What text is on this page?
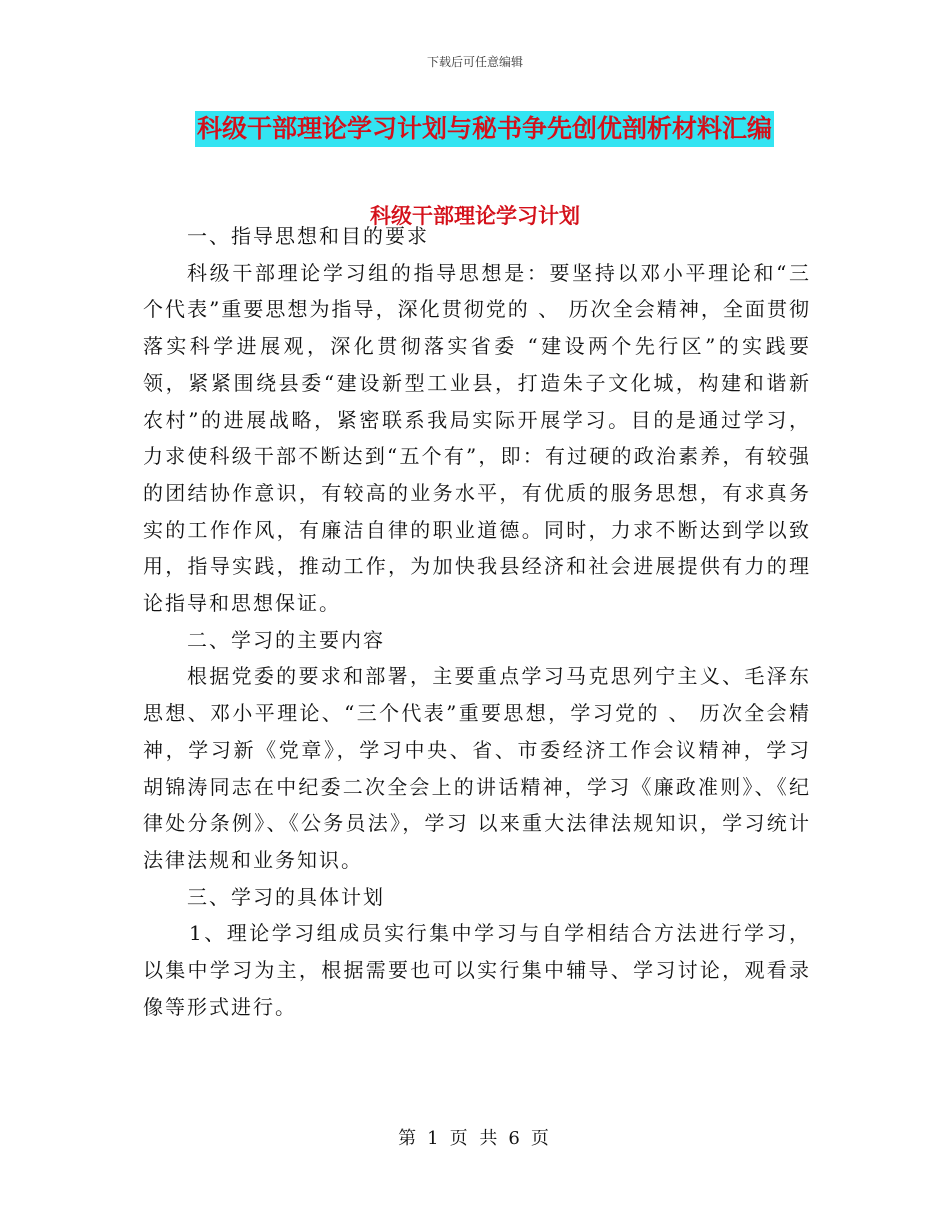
下载后可任意编辑
科级干部理论学习计划与秘书争先创优剖析材料汇编
科级干部理论学习计划

一、指导思想和目的要求

科级干部理论学习组的指导思想是：要坚持以邓小平理论和“三个代表”重要思想为指导，深化贯彻党的 、 历次全会精神，全面贯彻落实科学进展观，深化贯彻落实省委 “建设两个先行区”的实践要领，紧紧围绕县委“建设新型工业县，打造朱子文化城，构建和谐新农村”的进展战略，紧密联系我局实际开展学习。目的是通过学习，力求使科级干部不断达到“五个有”，即：有过硬的政治素养，有较强的团结协作意识，有较高的业务水平，有优质的服务思想，有求真务实的工作作风，有廉洁自律的职业道德。同时，力求不断达到学以致用，指导实践，推动工作，为加快我县经济和社会进展提供有力的理论指导和思想保证。

二、学习的主要内容

根据党委的要求和部署，主要重点学习马克思列宁主义、毛泽东思想、邓小平理论、“三个代表”重要思想，学习党的 、 历次全会精神，学习新《党章》，学习中央、省、市委经济工作会议精神，学习胡锦涛同志在中纪委二次全会上的讲话精神，学习《廉政准则》、《纪律处分条例》、《公务员法》，学习 以来重大法律法规知识，学习统计法律法规和业务知识。

三、学习的具体计划

1、理论学习组成员实行集中学习与自学相结合方法进行学习，以集中学习为主，根据需要也可以实行集中辅导、学习讨论，观看录像等形式进行。

第 1 页 共 6 页
